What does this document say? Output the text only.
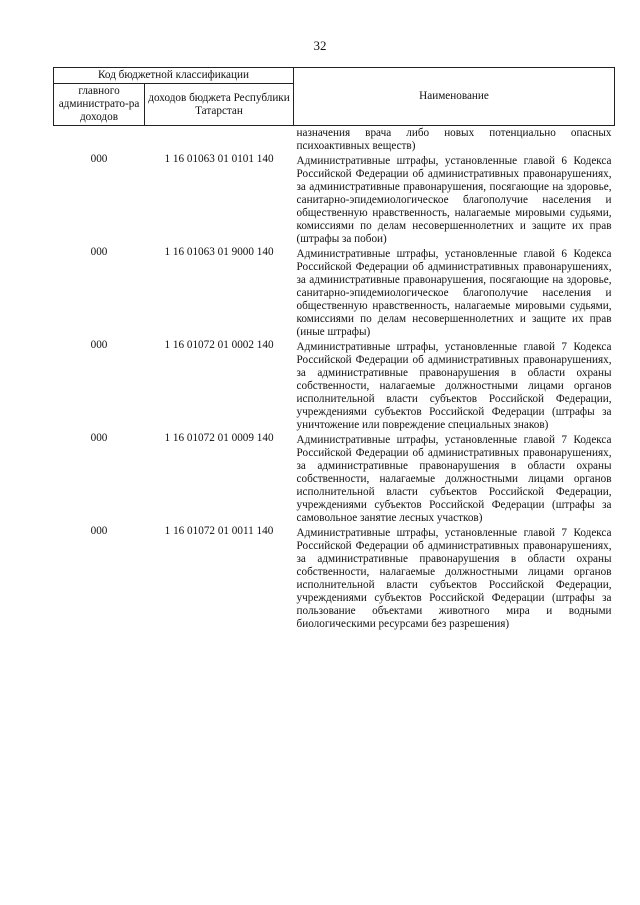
32
Код бюджетной классификации		Наименование
главного администрато-ра доходов	доходов бюджета Республики Татарстан	
		назначения врача либо новых потенциально опасных психоактивных веществ)
000	1 16 01063 01 0101 140	Административные штрафы, установленные главой 6 Кодекса Российской Федерации об административных правонарушениях, за административные правонарушения, посягающие на здоровье, санитарно-эпидемиологическое благополучие населения и общественную нравственность, налагаемые мировыми судьями, комиссиями по делам несовершеннолетних и защите их прав (штрафы за побои)
000	1 16 01063 01 9000 140	Административные штрафы, установленные главой 6 Кодекса Российской Федерации об административных правонарушениях, за административные правонарушения, посягающие на здоровье, санитарно-эпидемиологическое благополучие населения и общественную нравственность, налагаемые мировыми судьями, комиссиями по делам несовершеннолетних и защите их прав (иные штрафы)
000	1 16 01072 01 0002 140	Административные штрафы, установленные главой 7 Кодекса Российской Федерации об административных правонарушениях, за административные правонарушения в области охраны собственности, налагаемые должностными лицами органов исполнительной власти субъектов Российской Федерации, учреждениями субъектов Российской Федерации (штрафы за уничтожение или повреждение специальных знаков)
000	1 16 01072 01 0009 140	Административные штрафы, установленные главой 7 Кодекса Российской Федерации об административных правонарушениях, за административные правонарушения в области охраны собственности, налагаемые должностными лицами органов исполнительной власти субъектов Российской Федерации, учреждениями субъектов Российской Федерации (штрафы за самовольное занятие лесных участков)
000	1 16 01072 01 0011 140	Административные штрафы, установленные главой 7 Кодекса Российской Федерации об административных правонарушениях, за административные правонарушения в области охраны собственности, налагаемые должностными лицами органов исполнительной власти субъектов Российской Федерации, учреждениями субъектов Российской Федерации (штрафы за пользование объектами животного мира и водными биологическими ресурсами без разрешения)
